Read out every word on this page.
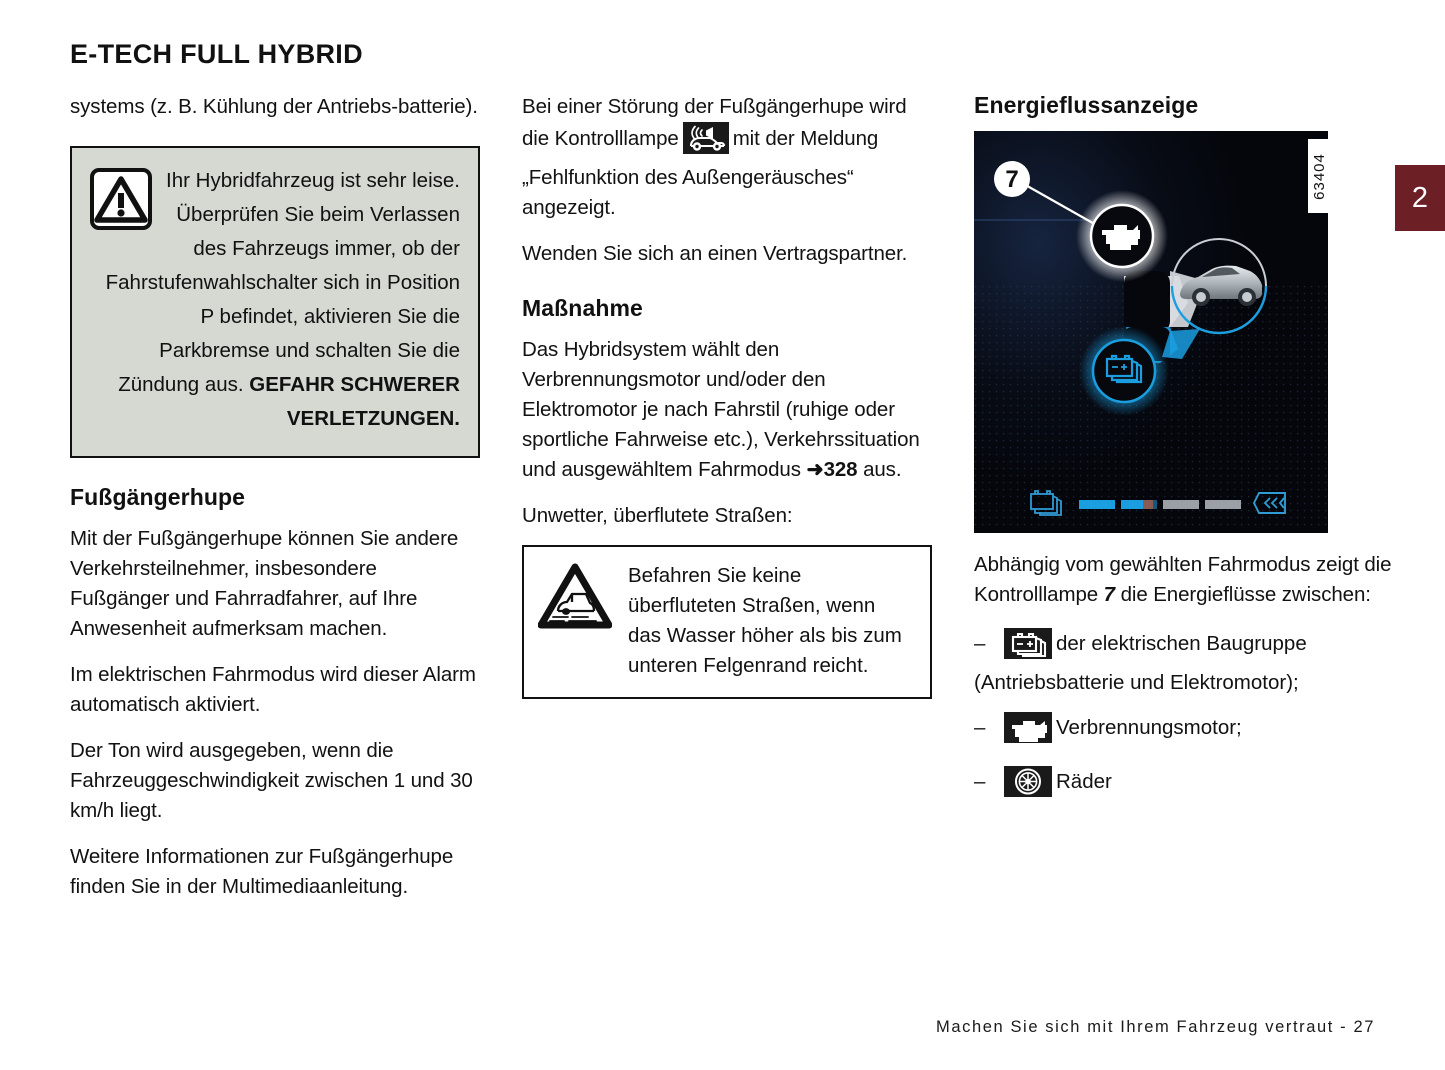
E-TECH FULL HYBRID

systems (z. B. Kühlung der Antriebs-batterie).

Ihr Hybridfahrzeug ist sehr leise. Überprüfen Sie beim Verlassen des Fahrzeugs immer, ob der Fahrstufenwahlschalter sich in Position P befindet, aktivieren Sie die Parkbremse und schalten Sie die Zündung aus. GEFAHR SCHWERER VERLETZUNGEN.
Fußgängerhupe

Mit der Fußgängerhupe können Sie andere Verkehrsteilnehmer, insbesondere Fußgänger und Fahrradfahrer, auf Ihre Anwesenheit aufmerksam machen.

Im elektrischen Fahrmodus wird dieser Alarm automatisch aktiviert.

Der Ton wird ausgegeben, wenn die Fahrzeuggeschwindigkeit zwischen 1 und 30 km/h liegt.

Weitere Informationen zur Fußgängerhupe finden Sie in der Multimediaanleitung.

Bei einer Störung der Fußgängerhupe wird die Kontrolllampe	mit der Meldung „Fehlfunktion des Außengeräusches“ angezeigt.

Wenden Sie sich an einen Vertragspartner.

Maßnahme

Das Hybridsystem wählt den Verbrennungsmotor und/oder den Elektromotor je nach Fahrstil (ruhige oder sportliche Fahrweise etc.), Verkehrssituation und ausgewähltem Fahrmodus ➜328 aus.

Unwetter, überflutete Straßen:

Befahren Sie keine überfluteten Straßen, wenn das Wasser höher als bis zum unteren Felgenrand reicht.
Energieflussanzeige
7	63404

Abhängig vom gewählten Fahrmodus zeigt die Kontrolllampe 7 die Energieflüsse zwischen:

–	der elektrischen Baugruppe (Antriebsbatterie und Elektromotor);
–	Verbrennungsmotor;
–	Räder
2
Machen Sie sich mit Ihrem Fahrzeug vertraut - 27
